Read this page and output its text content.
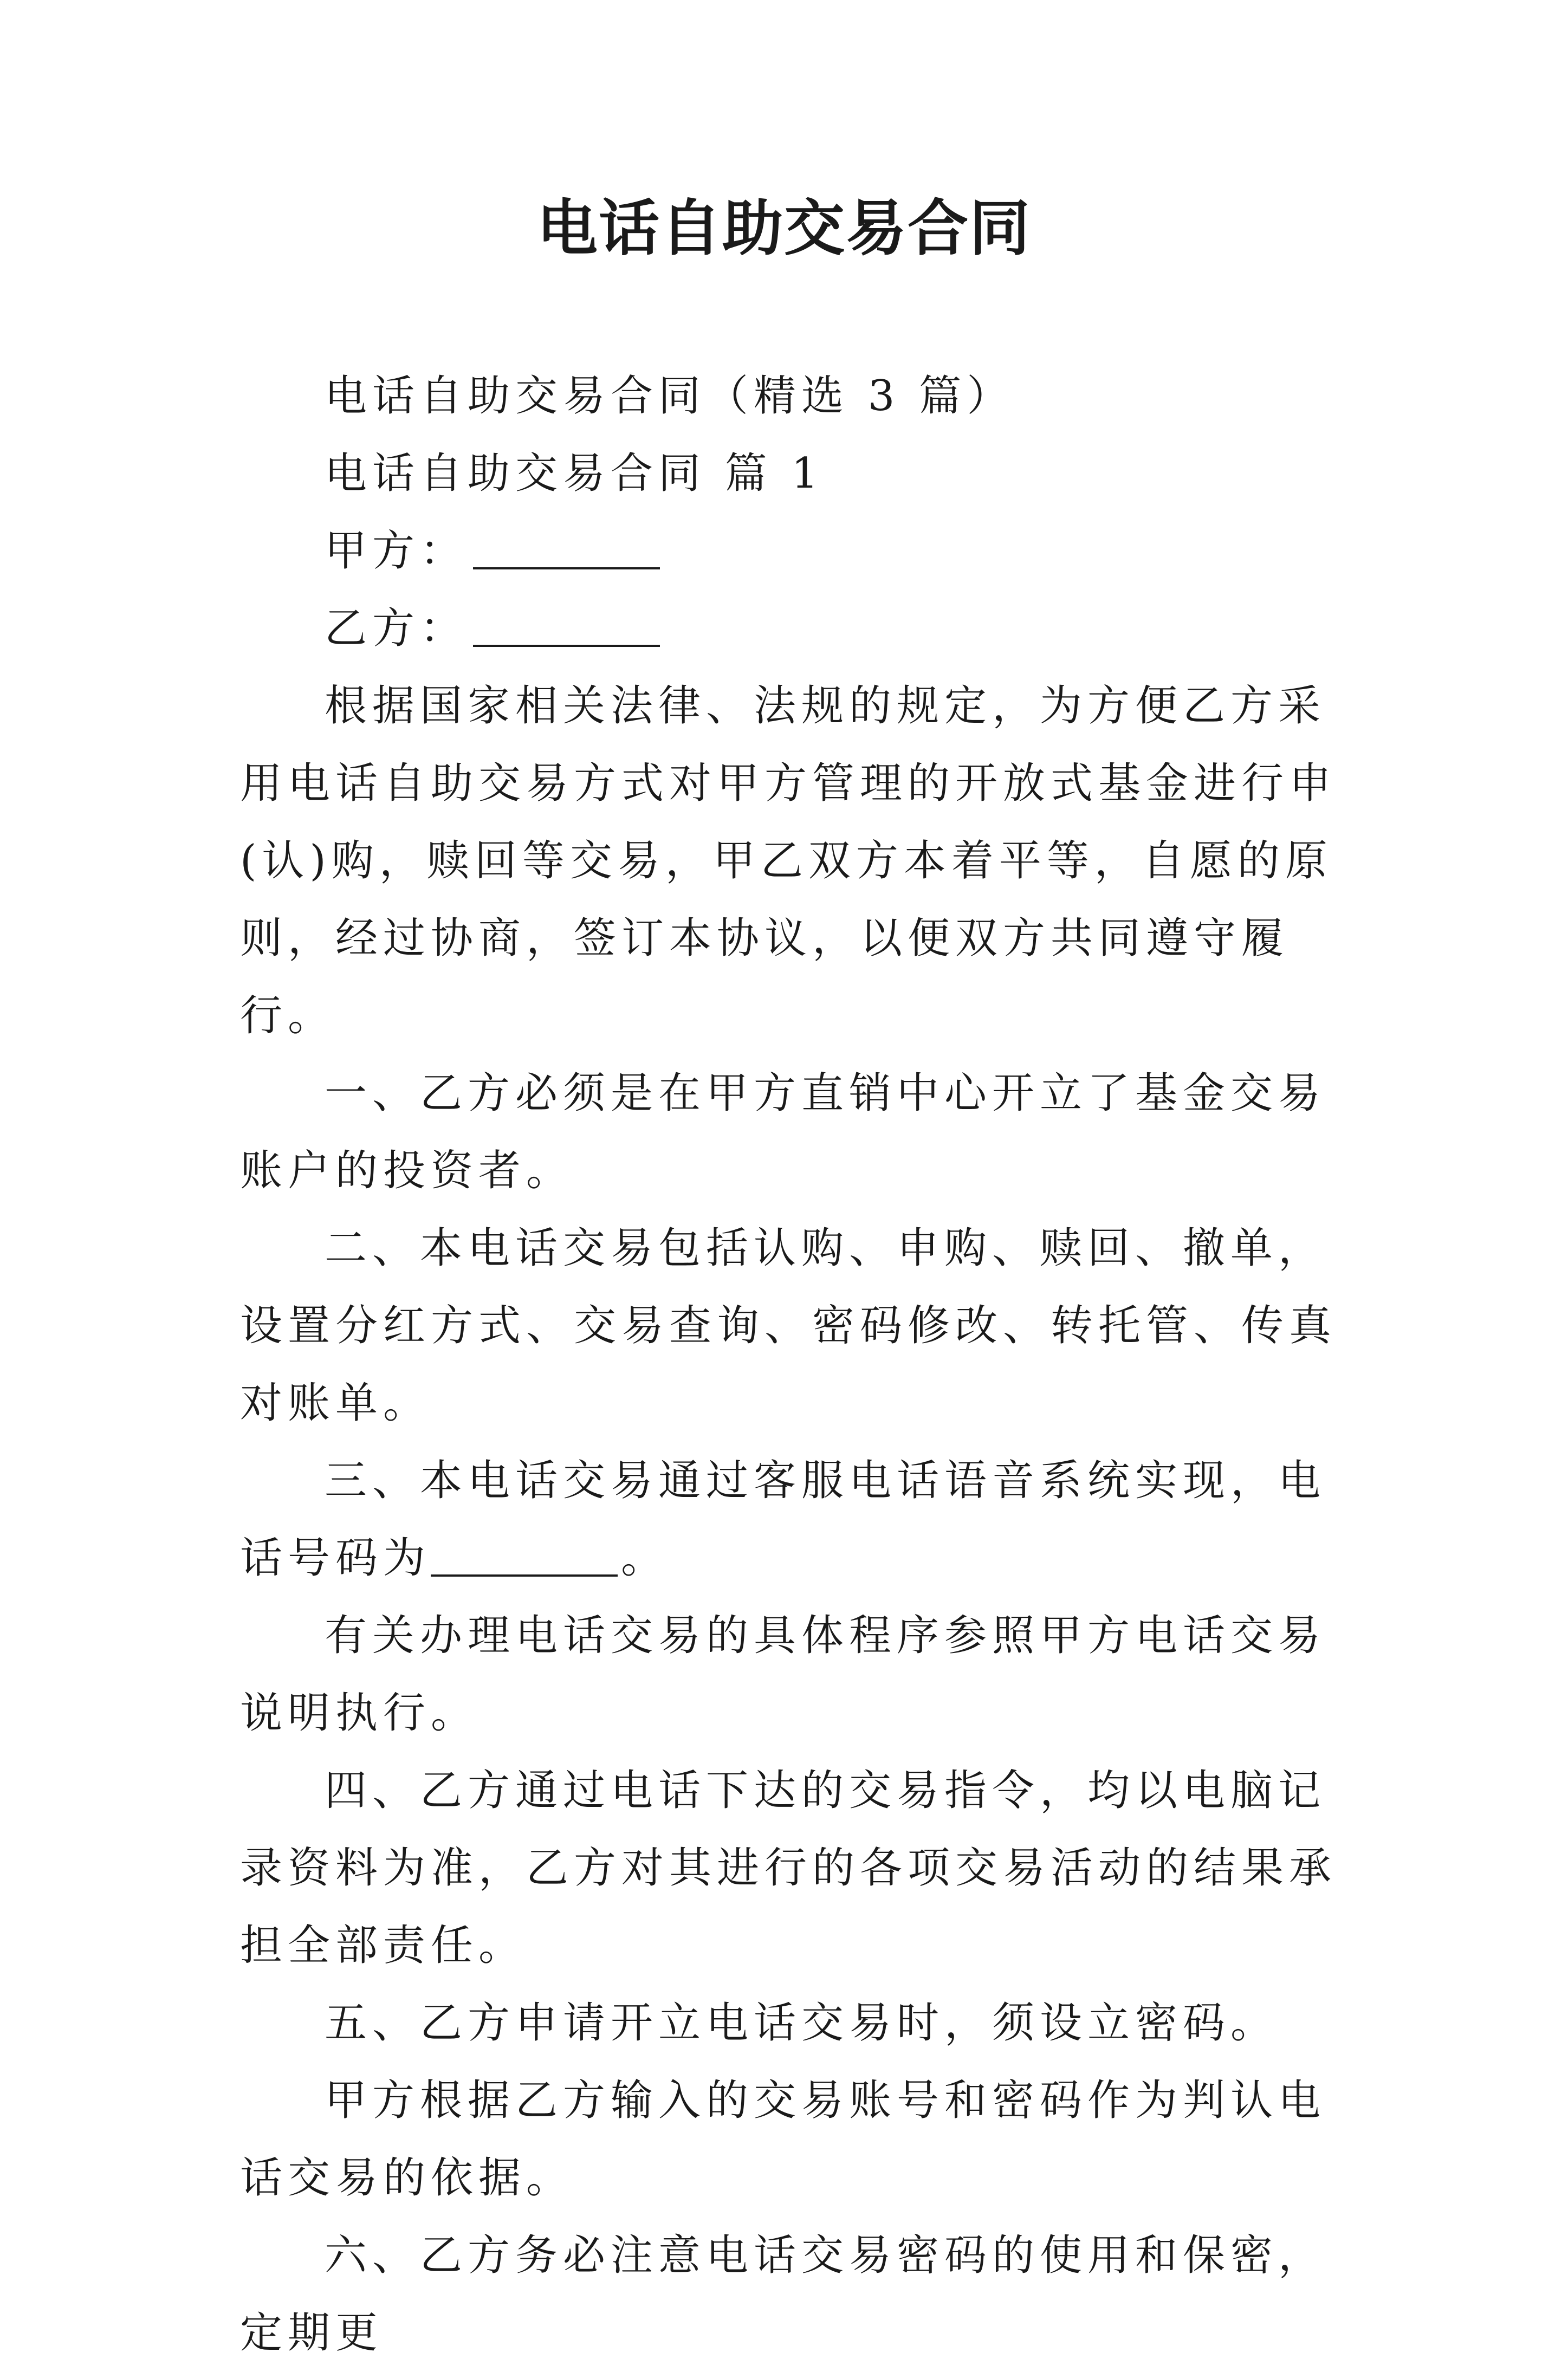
电话自助交易合同

电话自助交易合同（精选 3 篇）

电话自助交易合同 篇 1

甲方：

乙方：

根据国家相关法律、法规的规定，为方便乙方采用电话自助交易方式对甲方管理的开放式基金进行申(认)购，赎回等交易，甲乙双方本着平等，自愿的原则，经过协商，签订本协议，以便双方共同遵守履行。

一、乙方必须是在甲方直销中心开立了基金交易账户的投资者。

二、本电话交易包括认购、申购、赎回、撤单，设置分红方式、交易查询、密码修改、转托管、传真对账单。

三、本电话交易通过客服电话语音系统实现，电话号码为	。

有关办理电话交易的具体程序参照甲方电话交易说明执行。

四、乙方通过电话下达的交易指令，均以电脑记录资料为准，乙方对其进行的各项交易活动的结果承担全部责任。

五、乙方申请开立电话交易时，须设立密码。

甲方根据乙方输入的交易账号和密码作为判认电话交易的依据。

六、乙方务必注意电话交易密码的使用和保密，定期更
